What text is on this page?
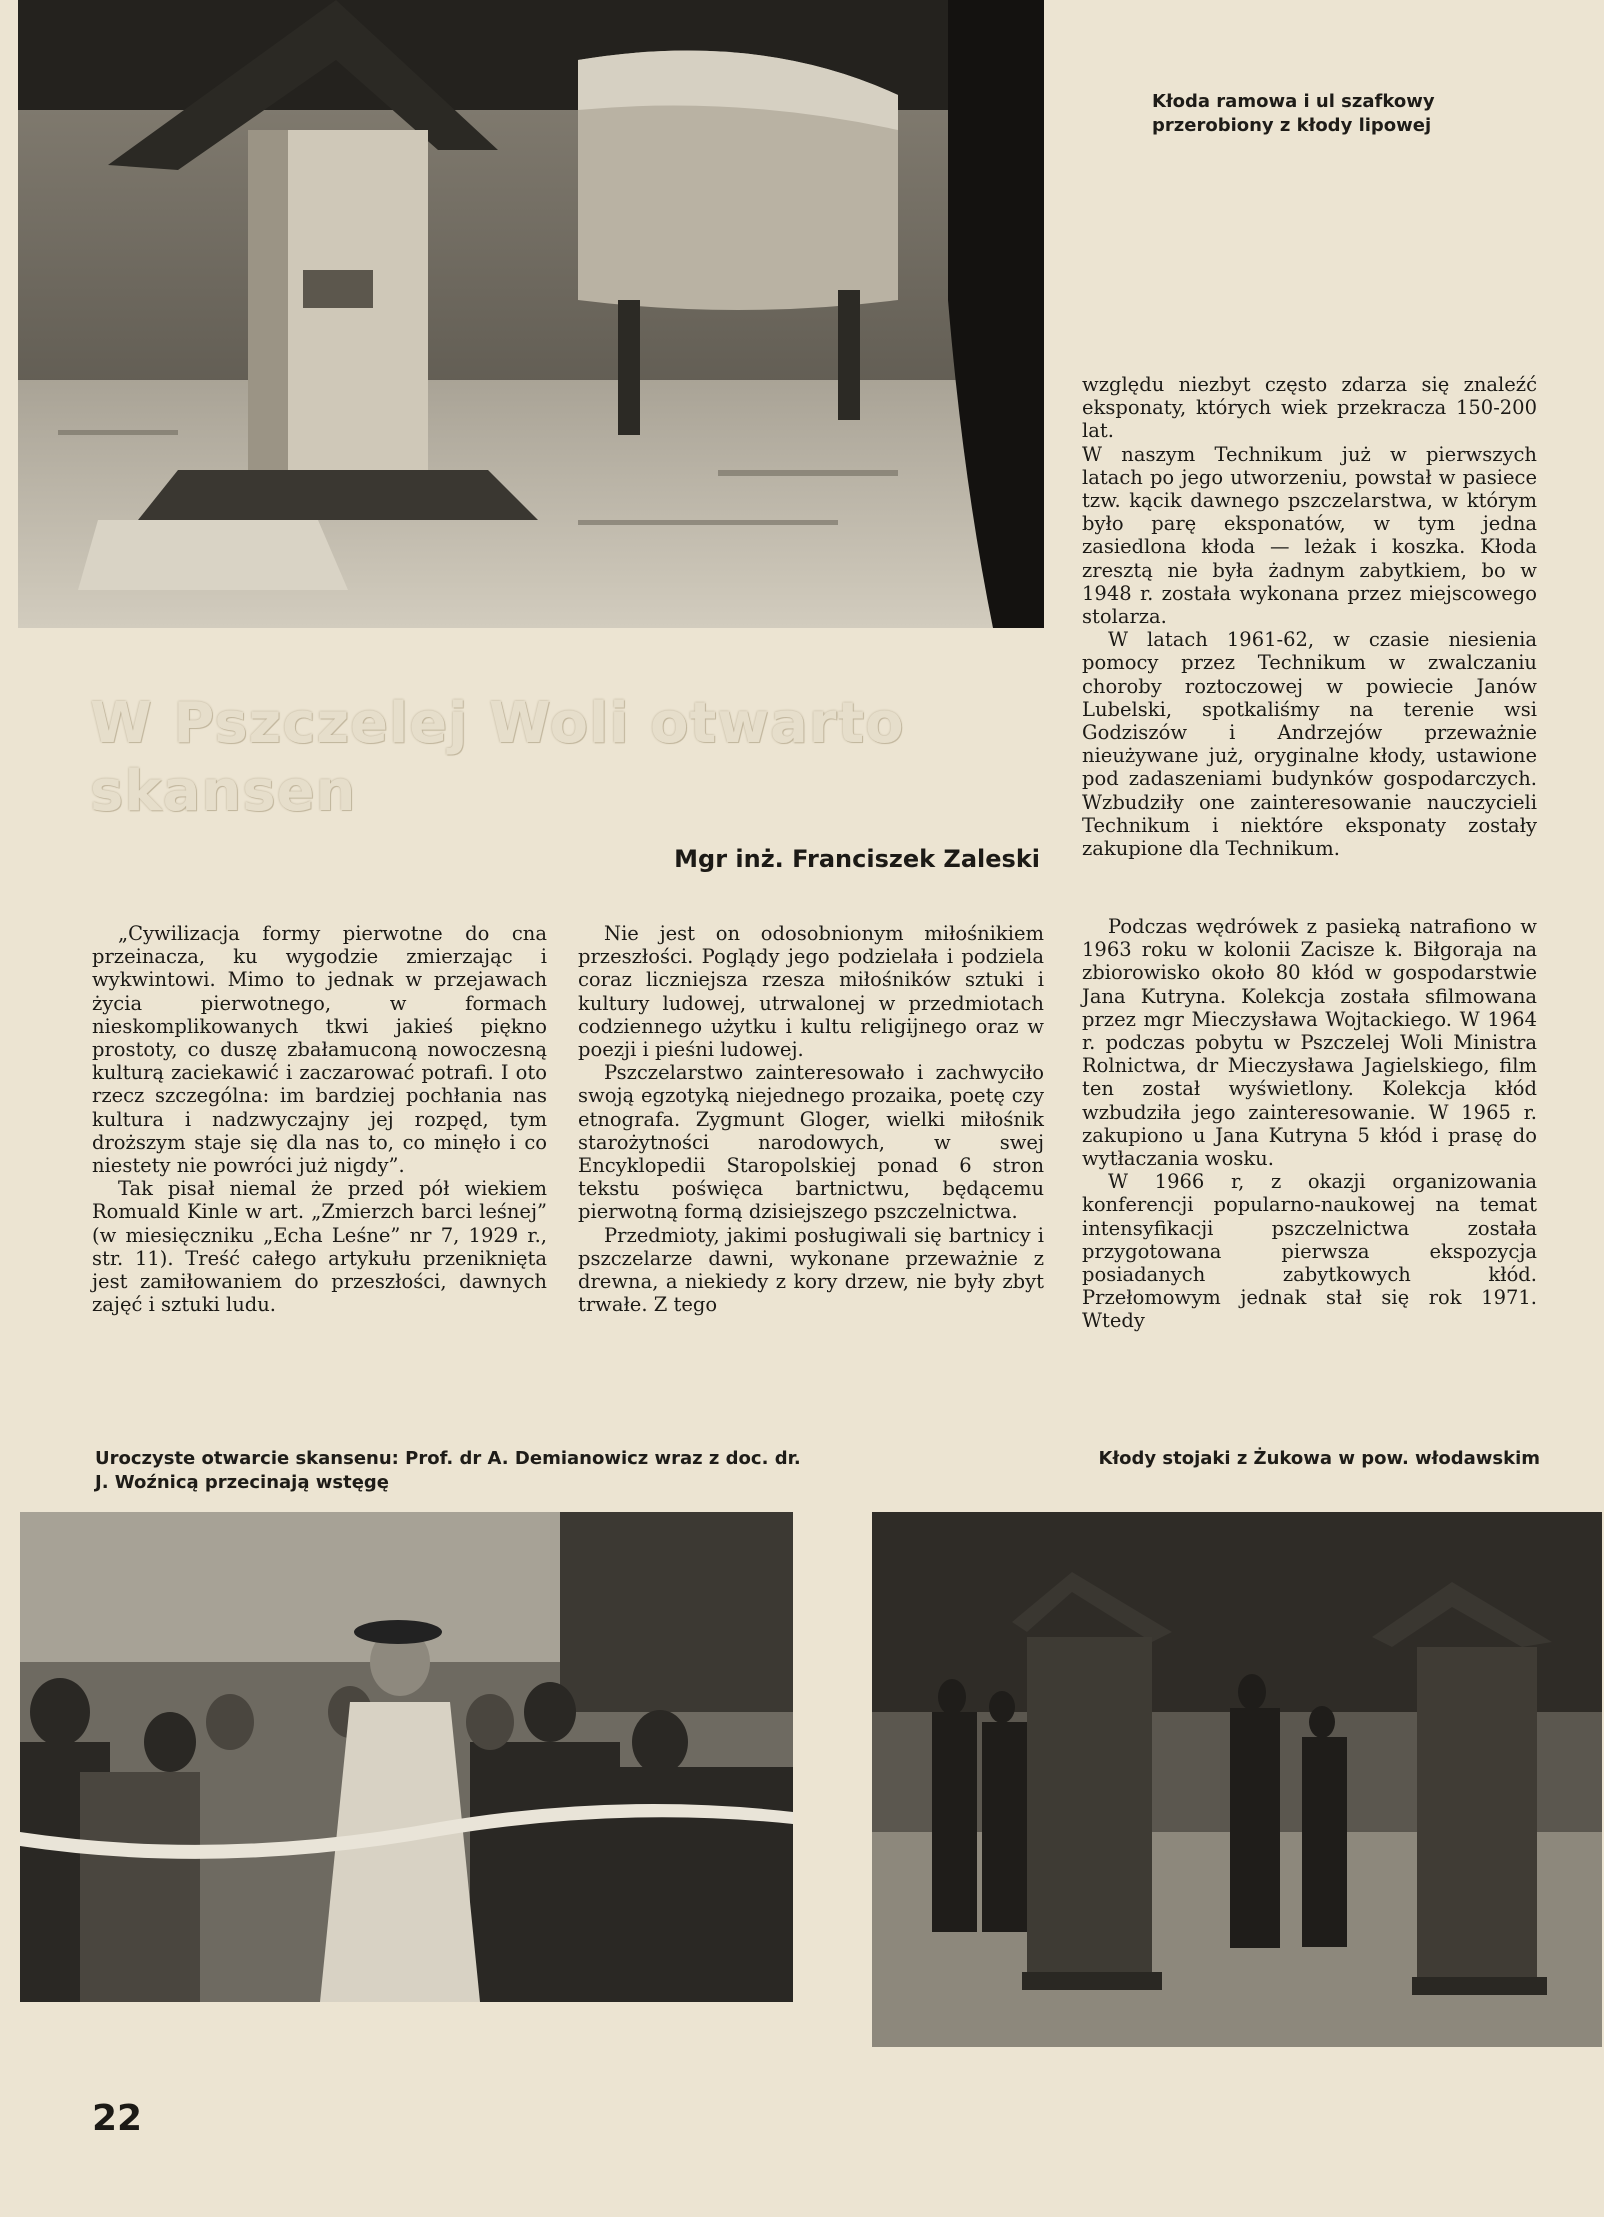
Kłoda ramowa i ul szafkowy przerobiony z kłody lipowej
W Pszczelej Woli otwarto skansen
Mgr inż. Franciszek Zaleski

„Cywilizacja formy pierwotne do cna przeinacza, ku wygodzie zmierzając i wykwintowi. Mimo to jednak w przejawach życia pierwotnego, w formach nieskomplikowanych tkwi jakieś piękno prostoty, co duszę zbałamuconą nowoczesną kulturą zaciekawić i zaczarować potrafi. I oto rzecz szczególna: im bardziej pochłania nas kultura i nadzwyczajny jej rozpęd, tym droższym staje się dla nas to, co minęło i co niestety nie powróci już nigdy”.

Tak pisał niemal że przed pół wiekiem Romuald Kinle w art. „Zmierzch barci leśnej” (w miesięczniku „Echa Leśne” nr 7, 1929 r., str. 11). Treść całego artykułu przeniknięta jest zamiłowaniem do przeszłości, dawnych zajęć i sztuki ludu.

Nie jest on odosobnionym miłośnikiem przeszłości. Poglądy jego podzielała i podziela coraz liczniejsza rzesza miłośników sztuki i kultury ludowej, utrwalonej w przedmiotach codziennego użytku i kultu religijnego oraz w poezji i pieśni ludowej.

Pszczelarstwo zainteresowało i zachwyciło swoją egzotyką niejednego prozaika, poetę czy etnografa. Zygmunt Gloger, wielki miłośnik starożytności narodowych, w swej Encyklopedii Staropolskiej ponad 6 stron tekstu poświęca bartnictwu, będącemu pierwotną formą dzisiejszego pszczelnictwa.

Przedmioty, jakimi posługiwali się bartnicy i pszczelarze dawni, wykonane przeważnie z drewna, a niekiedy z kory drzew, nie były zbyt trwałe. Z tego

względu niezbyt często zdarza się znaleźć eksponaty, których wiek przekracza 150-200 lat.

W naszym Technikum już w pierwszych latach po jego utworzeniu, powstał w pasiece tzw. kącik dawnego pszczelarstwa, w którym było parę eksponatów, w tym jedna zasiedlona kłoda — leżak i koszka. Kłoda zresztą nie była żadnym zabytkiem, bo w 1948 r. została wykonana przez miejscowego stolarza.

W latach 1961-62, w czasie niesienia pomocy przez Technikum w zwalczaniu choroby roztoczowej w powiecie Janów Lubelski, spotkaliśmy na terenie wsi Godziszów i Andrzejów przeważnie nieużywane już, oryginalne kłody, ustawione pod zadaszeniami budynków gospodarczych. Wzbudziły one zainteresowanie nauczycieli Technikum i niektóre eksponaty zostały zakupione dla Technikum.

Podczas wędrówek z pasieką natrafiono w 1963 roku w kolonii Zacisze k. Biłgoraja na zbiorowisko około 80 kłód w gospodarstwie Jana Kutryna. Kolekcja została sfilmowana przez mgr Mieczysława Wojtackiego. W 1964 r. podczas pobytu w Pszczelej Woli Ministra Rolnictwa, dr Mieczysława Jagielskiego, film ten został wyświetlony. Kolekcja kłód wzbudziła jego zainteresowanie. W 1965 r. zakupiono u Jana Kutryna 5 kłód i prasę do wytłaczania wosku.

W 1966 r, z okazji organizowania konferencji popularno-naukowej na temat intensyfikacji pszczelnictwa została przygotowana pierwsza ekspozycja posiadanych zabytkowych kłód. Przełomowym jednak stał się rok 1971. Wtedy

Uroczyste otwarcie skansenu: Prof. dr A. Demianowicz wraz z doc. dr. J. Woźnicą przecinają wstęgę
Kłody stojaki z Żukowa w pow. włodawskim
22
